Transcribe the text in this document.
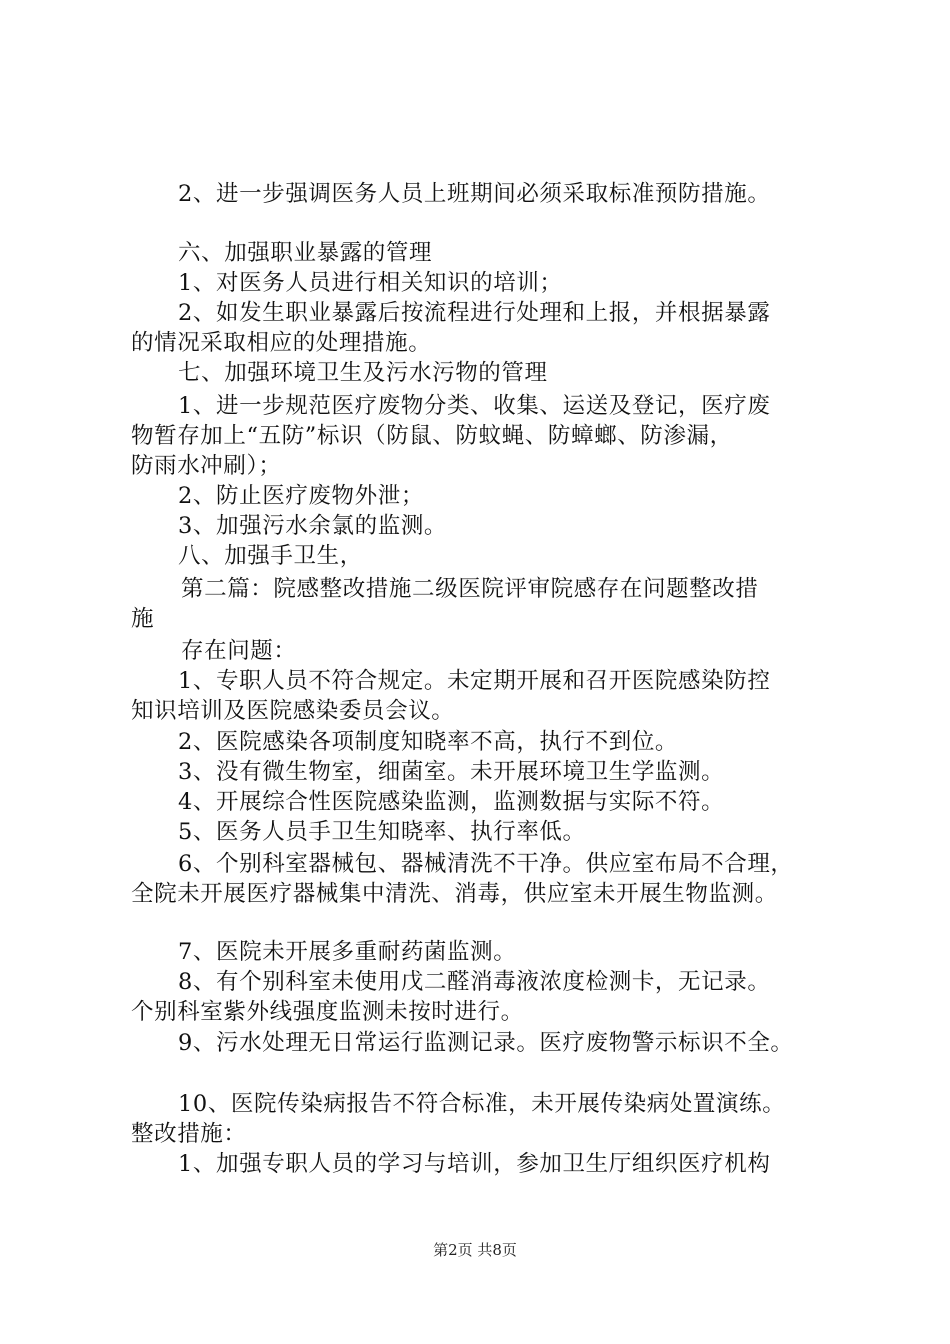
2、进一步强调医务人员上班期间必须采取标准预防措施。
六、加强职业暴露的管理
1、对医务人员进行相关知识的培训；
2、如发生职业暴露后按流程进行处理和上报，并根据暴露
的情况采取相应的处理措施。
七、加强环境卫生及污水污物的管理
1、进一步规范医疗废物分类、收集、运送及登记，医疗废
物暂存加上“五防”标识（防鼠、防蚊蝇、防蟑螂、防渗漏，
防雨水冲刷）；
2、防止医疗废物外泄；
3、加强污水余氯的监测。
八、加强手卫生，
第二篇：院感整改措施二级医院评审院感存在问题整改措
施
存在问题：
1、专职人员不符合规定。未定期开展和召开医院感染防控
知识培训及医院感染委员会议。
2、医院感染各项制度知晓率不高，执行不到位。
3、没有微生物室，细菌室。未开展环境卫生学监测。
4、开展综合性医院感染监测，监测数据与实际不符。
5、医务人员手卫生知晓率、执行率低。
6、个别科室器械包、器械清洗不干净。供应室布局不合理，
全院未开展医疗器械集中清洗、消毒，供应室未开展生物监测。
7、医院未开展多重耐药菌监测。
8、有个别科室未使用戊二醛消毒液浓度检测卡，无记录。
个别科室紫外线强度监测未按时进行。
9、污水处理无日常运行监测记录。医疗废物警示标识不全。
10、医院传染病报告不符合标准，未开展传染病处置演练。
整改措施：
1、加强专职人员的学习与培训，参加卫生厅组织医疗机构
第2页 共8页
